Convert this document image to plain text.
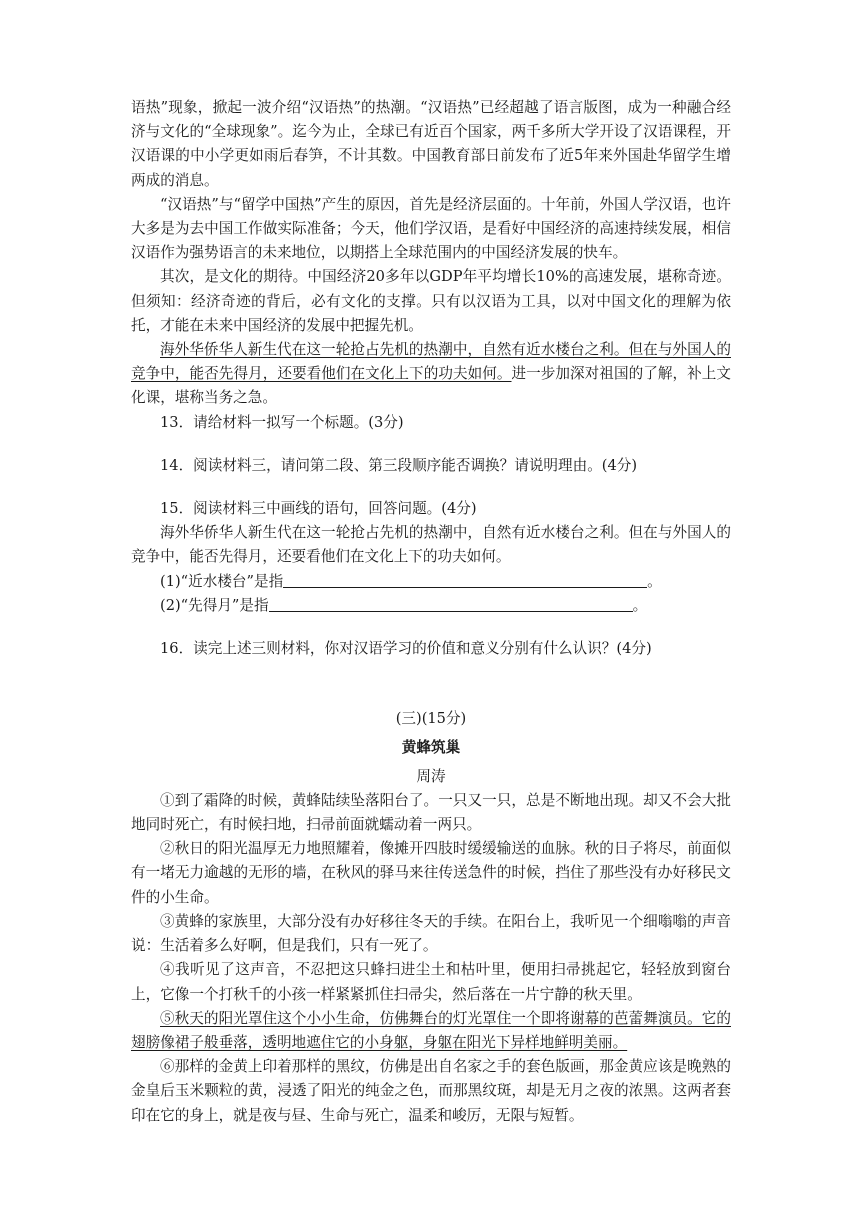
语热”现象，掀起一波介绍“汉语热”的热潮。“汉语热”已经超越了语言版图，成为一种融合经济与文化的“全球现象”。迄今为止，全球已有近百个国家，两千多所大学开设了汉语课程，开汉语课的中小学更如雨后春笋，不计其数。中国教育部日前发布了近5年来外国赴华留学生增两成的消息。

“汉语热”与“留学中国热”产生的原因，首先是经济层面的。十年前，外国人学汉语，也许大多是为去中国工作做实际准备；今天，他们学汉语，是看好中国经济的高速持续发展，相信汉语作为强势语言的未来地位，以期搭上全球范围内的中国经济发展的快车。

其次，是文化的期待。中国经济20多年以GDP年平均增长10%的高速发展，堪称奇迹。但须知：经济奇迹的背后，必有文化的支撑。只有以汉语为工具，以对中国文化的理解为依托，才能在未来中国经济的发展中把握先机。

海外华侨华人新生代在这一轮抢占先机的热潮中，自然有近水楼台之利。但在与外国人的竞争中，能否先得月，还要看他们在文化上下的功夫如何。进一步加深对祖国的了解，补上文化课，堪称当务之急。

13．请给材料一拟写一个标题。(3分)

14．阅读材料三，请问第二段、第三段顺序能否调换？请说明理由。(4分)

15．阅读材料三中画线的语句，回答问题。(4分)

海外华侨华人新生代在这一轮抢占先机的热潮中，自然有近水楼台之利。但在与外国人的竞争中，能否先得月，还要看他们在文化上下的功夫如何。

(1)“近水楼台”是指	。

(2)“先得月”是指	。

16．读完上述三则材料，你对汉语学习的价值和意义分别有什么认识？(4分)

(三)(15分)

黄蜂筑巢

周涛

①到了霜降的时候，黄蜂陆续坠落阳台了。一只又一只，总是不断地出现。却又不会大批地同时死亡，有时候扫地，扫帚前面就蠕动着一两只。

②秋日的阳光温厚无力地照耀着，像摊开四肢时缓缓输送的血脉。秋的日子将尽，前面似有一堵无力逾越的无形的墙，在秋风的驿马来往传送急件的时候，挡住了那些没有办好移民文件的小生命。

③黄蜂的家族里，大部分没有办好移往冬天的手续。在阳台上，我听见一个细嗡嗡的声音说：生活着多么好啊，但是我们，只有一死了。

④我听见了这声音，不忍把这只蜂扫进尘土和枯叶里，便用扫帚挑起它，轻轻放到窗台上，它像一个打秋千的小孩一样紧紧抓住扫帚尖，然后落在一片宁静的秋天里。

⑤秋天的阳光罩住这个小小生命，仿佛舞台的灯光罩住一个即将谢幕的芭蕾舞演员。它的翅膀像裙子般垂落，透明地遮住它的小身躯，身躯在阳光下异样地鲜明美丽。

⑥那样的金黄上印着那样的黑纹，仿佛是出自名家之手的套色版画，那金黄应该是晚熟的金皇后玉米颗粒的黄，浸透了阳光的纯金之色，而那黑纹斑，却是无月之夜的浓黑。这两者套印在它的身上，就是夜与昼、生命与死亡，温柔和峻厉，无限与短暂。
